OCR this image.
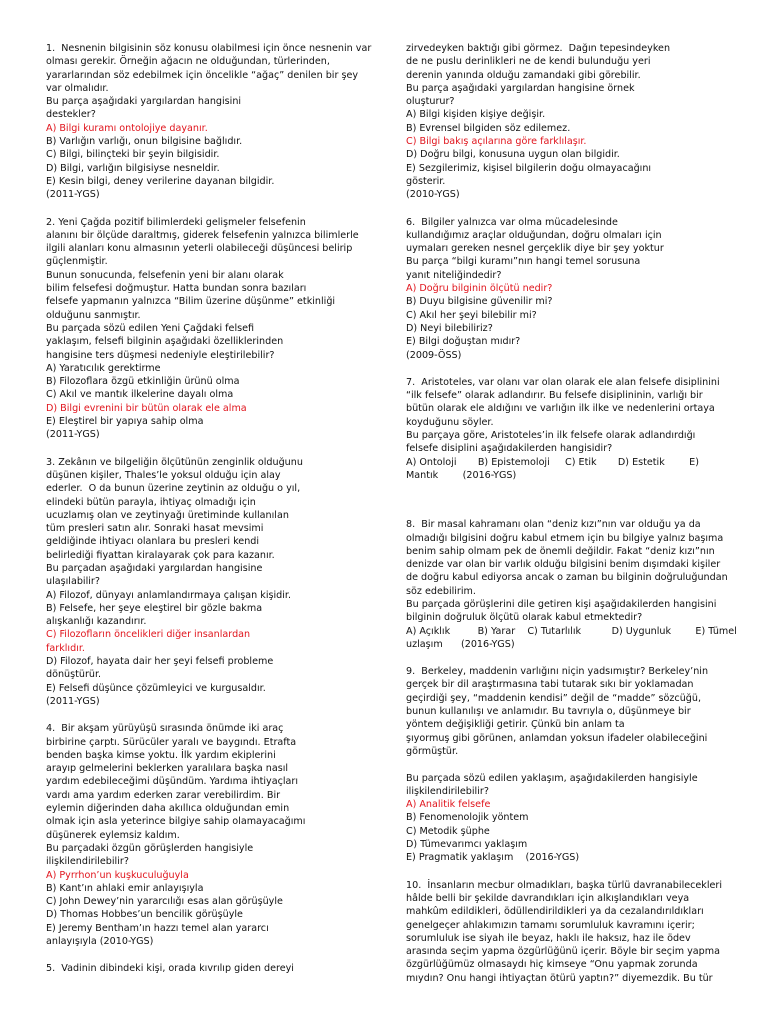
1.  Nesnenin bilgisinin söz konusu olabilmesi için önce nesnenin var
olması gerekir. Örneğin ağacın ne olduğundan, türlerinden,
yararlarından söz edebilmek için öncelikle “ağaç” denilen bir şey
var olmalıdır.
Bu parça aşağıdaki yargılardan hangisini
destekler?
A) Bilgi kuramı ontolojiye dayanır.
B) Varlığın varlığı, onun bilgisine bağlıdır.
C) Bilgi, bilinçteki bir şeyin bilgisidir.
D) Bilgi, varlığın bilgisiyse nesneldir.
E) Kesin bilgi, deney verilerine dayanan bilgidir.
(2011-YGS)
2. Yeni Çağda pozitif bilimlerdeki gelişmeler felsefenin
alanını bir ölçüde daraltmış, giderek felsefenin yalnızca bilimlerle
ilgili alanları konu almasının yeterli olabileceği düşüncesi belirip
güçlenmiştir.
Bunun sonucunda, felsefenin yeni bir alanı olarak
bilim felsefesi doğmuştur. Hatta bundan sonra bazıları
felsefe yapmanın yalnızca “Bilim üzerine düşünme” etkinliği
olduğunu sanmıştır.
Bu parçada sözü edilen Yeni Çağdaki felsefi
yaklaşım, felsefi bilginin aşağıdaki özelliklerinden
hangisine ters düşmesi nedeniyle eleştirilebilir?
A) Yaratıcılık gerektirme
B) Filozoflara özgü etkinliğin ürünü olma
C) Akıl ve mantık ilkelerine dayalı olma
D) Bilgi evrenini bir bütün olarak ele alma
E) Eleştirel bir yapıya sahip olma
(2011-YGS)
3. Zekânın ve bilgeliğin ölçütünün zenginlik olduğunu
düşünen kişiler, Thales’le yoksul olduğu için alay
ederler.  O da bunun üzerine zeytinin az olduğu o yıl,
elindeki bütün parayla, ihtiyaç olmadığı için
ucuzlamış olan ve zeytinyağı üretiminde kullanılan
tüm presleri satın alır. Sonraki hasat mevsimi
geldiğinde ihtiyacı olanlara bu presleri kendi
belirlediği fiyattan kiralayarak çok para kazanır.
Bu parçadan aşağıdaki yargılardan hangisine
ulaşılabilir?
A) Filozof, dünyayı anlamlandırmaya çalışan kişidir.
B) Felsefe, her şeye eleştirel bir gözle bakma
alışkanlığı kazandırır.
C) Filozofların öncelikleri diğer insanlardan
farklıdır.
D) Filozof, hayata dair her şeyi felsefi probleme
dönüştürür.
E) Felsefi düşünce çözümleyici ve kurgusaldır.
(2011-YGS)
4.  Bir akşam yürüyüşü sırasında önümde iki araç
birbirine çarptı. Sürücüler yaralı ve baygındı. Etrafta
benden başka kimse yoktu. İlk yardım ekiplerini
arayıp gelmelerini beklerken yaralılara başka nasıl
yardım edebileceğimi düşündüm. Yardıma ihtiyaçları
vardı ama yardım ederken zarar verebilirdim. Bir
eylemin diğerinden daha akıllıca olduğundan emin
olmak için asla yeterince bilgiye sahip olamayacağımı
düşünerek eylemsiz kaldım.
Bu parçadaki özgün görüşlerden hangisiyle
ilişkilendirilebilir?
A) Pyrrhon’un kuşkuculuğuyla
B) Kant’ın ahlaki emir anlayışıyla
C) John Dewey’nin yararcılığı esas alan görüşüyle
D) Thomas Hobbes’un bencilik görüşüyle
E) Jeremy Bentham’ın hazzı temel alan yararcı
anlayışıyla (2010-YGS)
5.  Vadinin dibindeki kişi, orada kıvrılıp giden dereyi
zirvedeyken baktığı gibi görmez.  Dağın tepesindeyken
de ne puslu derinlikleri ne de kendi bulunduğu yeri
derenin yanında olduğu zamandaki gibi görebilir.
Bu parça aşağıdaki yargılardan hangisine örnek
oluşturur?
A) Bilgi kişiden kişiye değişir.
B) Evrensel bilgiden söz edilemez.
C) Bilgi bakış açılarına göre farklılaşır.
D) Doğru bilgi, konusuna uygun olan bilgidir.
E) Sezgilerimiz, kişisel bilgilerin doğu olmayacağını
gösterir.
(2010-YGS)
6.  Bilgiler yalnızca var olma mücadelesinde
kullandığımız araçlar olduğundan, doğru olmaları için
uymaları gereken nesnel gerçeklik diye bir şey yoktur
Bu parça “bilgi kuramı”nın hangi temel sorusuna
yanıt niteliğindedir?
A) Doğru bilginin ölçütü nedir?
B) Duyu bilgisine güvenilir mi?
C) Akıl her şeyi bilebilir mi?
D) Neyi bilebiliriz?
E) Bilgi doğuştan mıdır?
(2009-ÖSS)
7.  Aristoteles, var olanı var olan olarak ele alan felsefe disiplinini
“ilk felsefe” olarak adlandırır. Bu felsefe disiplininin, varlığı bir
bütün olarak ele aldığını ve varlığın ilk ilke ve nedenlerini ortaya
koyduğunu söyler.
Bu parçaya göre, Aristoteles’in ilk felsefe olarak adlandırdığı
felsefe disiplini aşağıdakilerden hangisidir?
A) Ontoloji       B) Epistemoloji     C) Etik       D) Estetik        E)
Mantık        (2016-YGS)
8.  Bir masal kahramanı olan “deniz kızı”nın var olduğu ya da
olmadığı bilgisini doğru kabul etmem için bu bilgiye yalnız başıma
benim sahip olmam pek de önemli değildir. Fakat “deniz kızı”nın
denizde var olan bir varlık olduğu bilgisini benim dışımdaki kişiler
de doğru kabul ediyorsa ancak o zaman bu bilginin doğruluğundan
söz edebilirim.
Bu parçada görüşlerini dile getiren kişi aşağıdakilerden hangisini
bilginin doğruluk ölçütü olarak kabul etmektedir?
A) Açıklık         B) Yarar    C) Tutarlılık          D) Uygunluk        E) Tümel
uzlaşım      (2016-YGS)
9.  Berkeley, maddenin varlığını niçin yadsımıştır? Berkeley’nin
gerçek bir dil araştırmasına tabi tutarak sıkı bir yoklamadan
geçirdiği şey, “maddenin kendisi” değil de “madde” sözcüğü,
bunun kullanılışı ve anlamıdır. Bu tavrıyla o, düşünmeye bir
yöntem değişikliği getirir. Çünkü bin anlam ta
şıyormuş gibi görünen, anlamdan yoksun ifadeler olabileceğini
görmüştür.

Bu parçada sözü edilen yaklaşım, aşağıdakilerden hangisiyle
ilişkilendirilebilir?
A) Analitik felsefe
B) Fenomenolojik yöntem
C) Metodik şüphe
D) Tümevarımcı yaklaşım
E) Pragmatik yaklaşım    (2016-YGS)
10.  İnsanların mecbur olmadıkları, başka türlü davranabilecekleri
hâlde belli bir şekilde davrandıkları için alkışlandıkları veya
mahkûm edildikleri, ödüllendirildikleri ya da cezalandırıldıkları
genelgeçer ahlakımızın tamamı sorumluluk kavramını içerir;
sorumluluk ise siyah ile beyaz, haklı ile haksız, haz ile ödev
arasında seçim yapma özgürlüğünü içerir. Böyle bir seçim yapma
özgürlüğümüz olmasaydı hiç kimseye “Onu yapmak zorunda
mıydın? Onu hangi ihtiyaçtan ötürü yaptın?” diyemezdik. Bu tür
